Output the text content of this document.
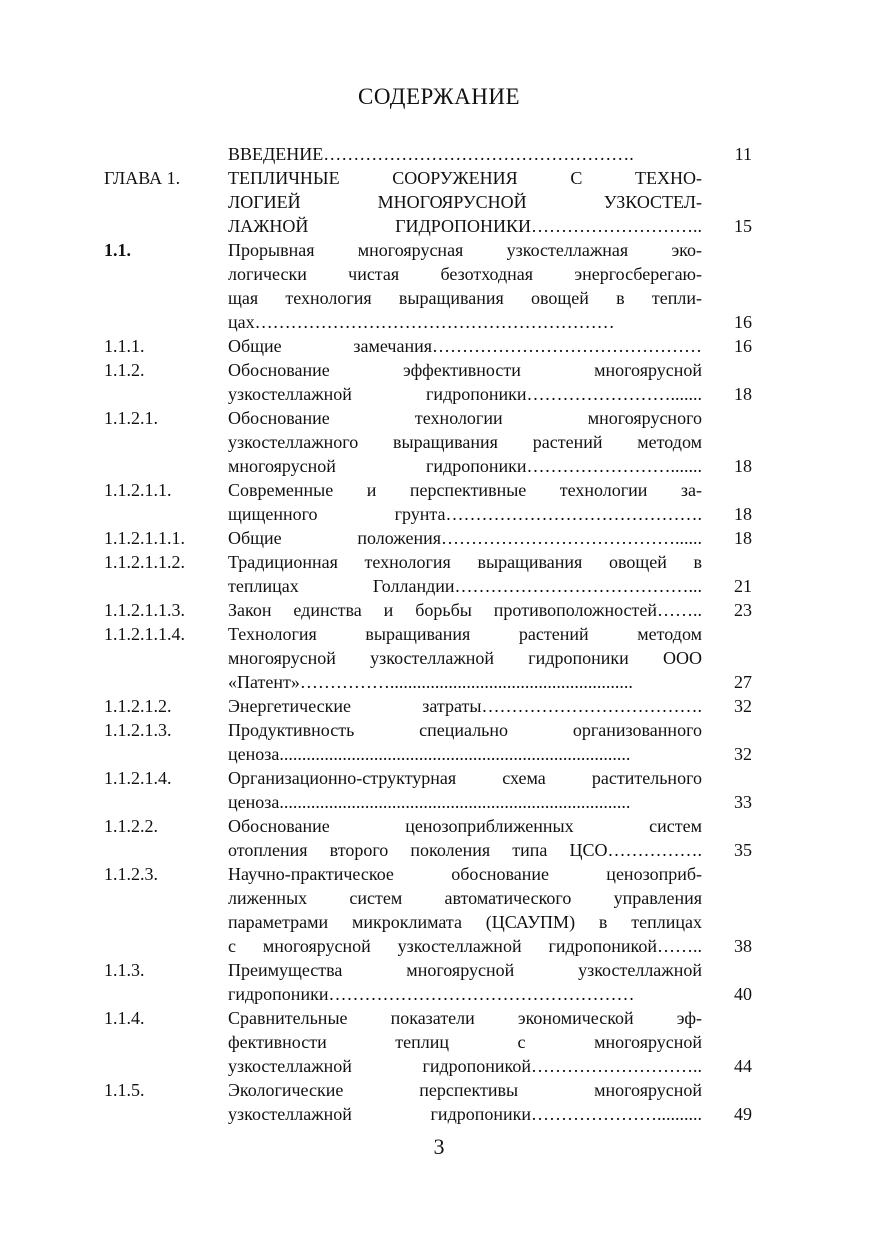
СОДЕРЖАНИЕ
ВВЕДЕНИЕ…………………………………………….	11
ГЛАВА 1.	ТЕПЛИЧНЫЕ СООРУЖЕНИЯ С ТЕХНО-
ЛОГИЕЙ МНОГОЯРУСНОЙ УЗКОСТЕЛ-
ЛАЖНОЙ ГИДРОПОНИКИ………………………..	15
1.1.	Прорывная многоярусная узкостеллажная эко-
логически чистая безотходная энергосберегаю-
щая технология выращивания овощей в тепли-
цах……………………………………………………	16
1.1.1.	Общие замечания………………………………………	16
1.1.2.	Обоснование эффективности многоярусной
узкостеллажной гидропоники…………………….......	18
1.1.2.1.	Обоснование технологии многоярусного
узкостеллажного выращивания растений методом
многоярусной гидропоники…………………….......	18
1.1.2.1.1.	Современные и перспективные технологии за-
щищенного грунта…………………………………….	18
1.1.2.1.1.1.	Общие положения…………………………………......	18
1.1.2.1.1.2.	Традиционная технология выращивания овощей в
теплицах Голландии…………………………………...	21
1.1.2.1.1.3.	Закон единства и борьбы противоположностей……..	23
1.1.2.1.1.4.	Технология выращивания растений методом
многоярусной узкостеллажной гидропоники ООО
«Патент»……………......................................................	27
1.1.2.1.2.	Энергетические затраты……………………………….	32
1.1.2.1.3.	Продуктивность специально организованного
ценоза..............................................................................	32
1.1.2.1.4.	Организационно-структурная схема растительного
ценоза..............................................................................	33
1.1.2.2.	Обоснование ценозоприближенных систем
отопления второго поколения типа ЦСО…………….	35
1.1.2.3.	Научно-практическое обоснование ценозоприб-
лиженных систем автоматического управления
параметрами микроклимата (ЦСАУПМ) в теплицах
с многоярусной узкостеллажной гидропоникой……..	38
1.1.3.	Преимущества многоярусной узкостеллажной
гидропоники……………………………………………	40
1.1.4.	Сравнительные показатели экономической эф-
фективности теплиц с многоярусной
узкостеллажной гидропоникой………………………..	44
1.1.5.	Экологические перспективы многоярусной
узкостеллажной гидропоники…………………..........	49
3
